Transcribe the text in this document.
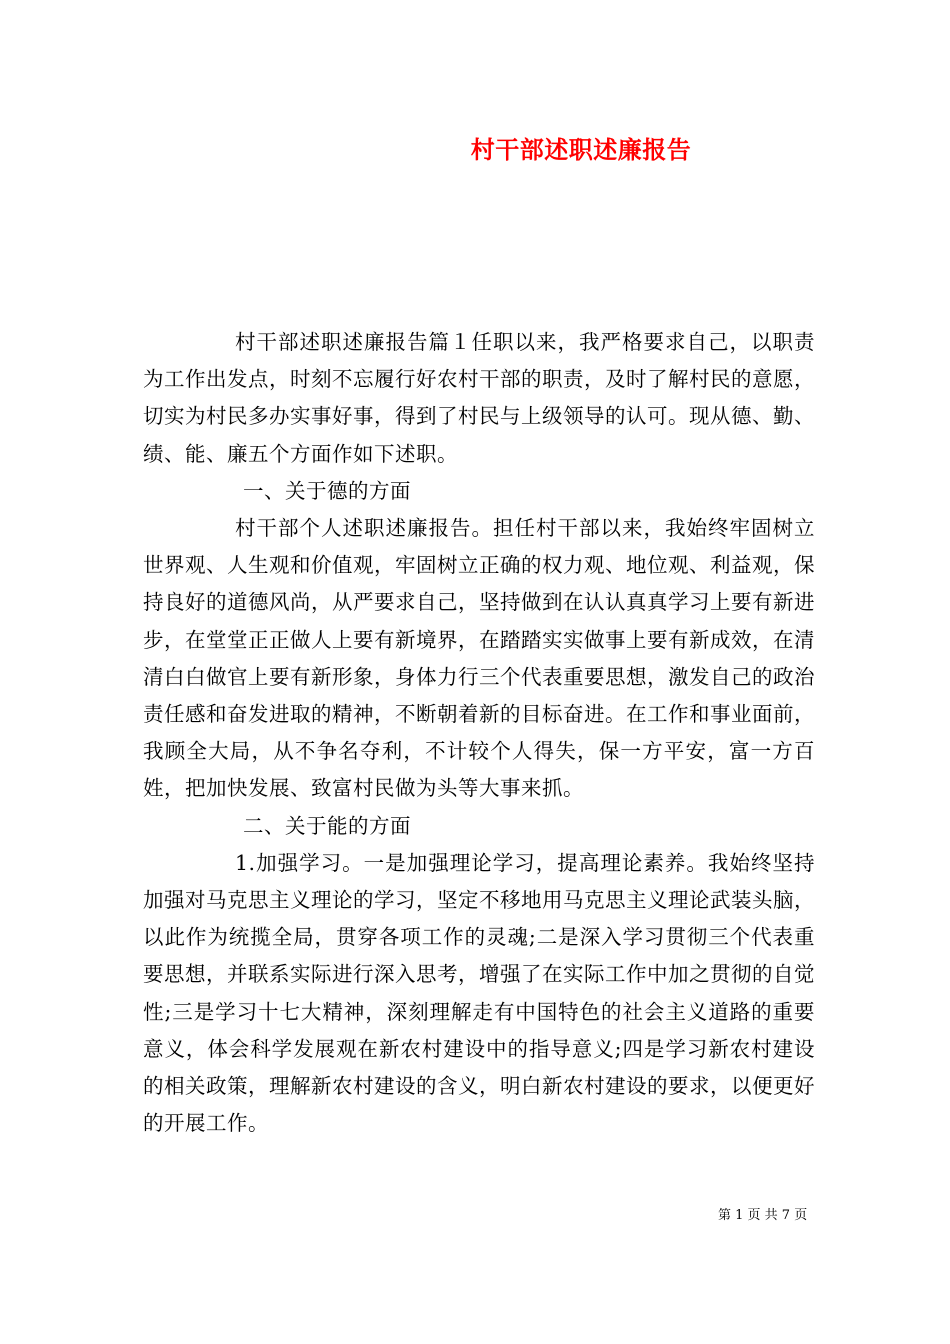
村干部述职述廉报告

村干部述职述廉报告篇１任职以来，我严格要求自己，以职责为工作出发点，时刻不忘履行好农村干部的职责，及时了解村民的意愿，切实为村民多办实事好事，得到了村民与上级领导的认可。现从德、勤、绩、能、廉五个方面作如下述职。

一、关于德的方面

村干部个人述职述廉报告。担任村干部以来，我始终牢固树立世界观、人生观和价值观，牢固树立正确的权力观、地位观、利益观，保持良好的道德风尚，从严要求自己，坚持做到在认认真真学习上要有新进步，在堂堂正正做人上要有新境界，在踏踏实实做事上要有新成效，在清清白白做官上要有新形象，身体力行三个代表重要思想，激发自己的政治责任感和奋发进取的精神，不断朝着新的目标奋进。在工作和事业面前，我顾全大局，从不争名夺利，不计较个人得失，保一方平安，富一方百姓，把加快发展、致富村民做为头等大事来抓。

二、关于能的方面

1.加强学习。一是加强理论学习，提高理论素养。我始终坚持加强对马克思主义理论的学习，坚定不移地用马克思主义理论武装头脑，以此作为统揽全局，贯穿各项工作的灵魂;二是深入学习贯彻三个代表重要思想，并联系实际进行深入思考，增强了在实际工作中加之贯彻的自觉性;三是学习十七大精神，深刻理解走有中国特色的社会主义道路的重要意义，体会科学发展观在新农村建设中的指导意义;四是学习新农村建设的相关政策，理解新农村建设的含义，明白新农村建设的要求，以便更好的开展工作。

第 1 页 共 7 页
